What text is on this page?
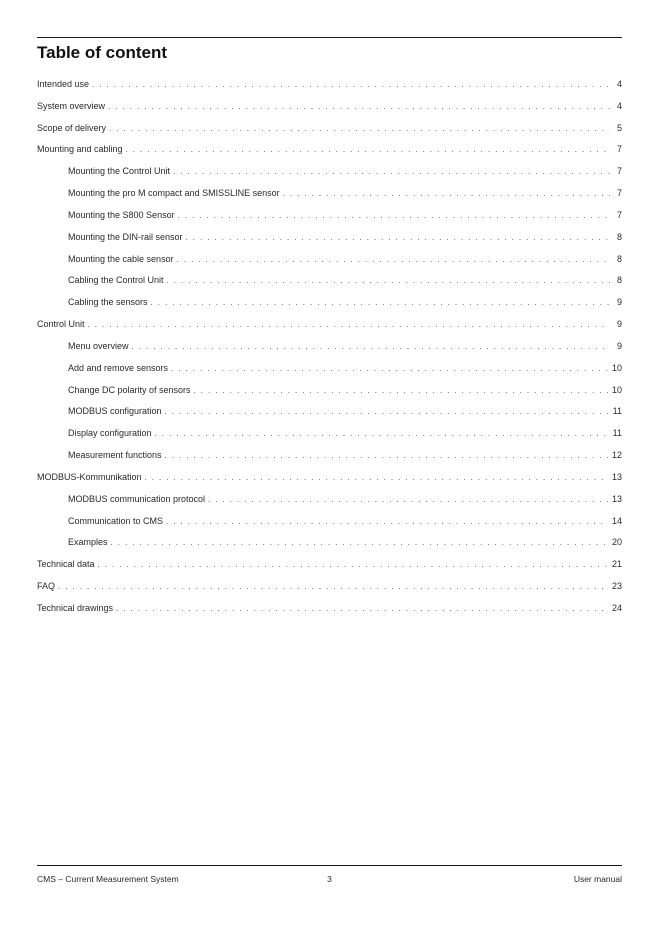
Table of content
Intended use . . .	4
System overview . . .	4
Scope of delivery . . .	5
Mounting and cabling . . .	7
Mounting the Control Unit . . .	7
Mounting the pro M compact and SMISSLINE sensor . . .	7
Mounting the S800 Sensor . . .	7
Mounting the DIN-rail sensor . . .	8
Mounting the cable sensor . . .	8
Cabling the Control Unit . . .	8
Cabling the sensors . . .	9
Control Unit . . .	9
Menu overview . . .	9
Add and remove sensors . . .	10
Change DC polarity of sensors . . .	10
MODBUS configuration . . .	11
Display configuration . . .	11
Measurement functions . . .	12
MODBUS-Kommunikation . . .	13
MODBUS communication protocol . . .	13
Communication to CMS . . .	14
Examples . . .	20
Technical data . . .	21
FAQ . . .	23
Technical drawings . . .	24
CMS – Current Measurement System	3	User manual
